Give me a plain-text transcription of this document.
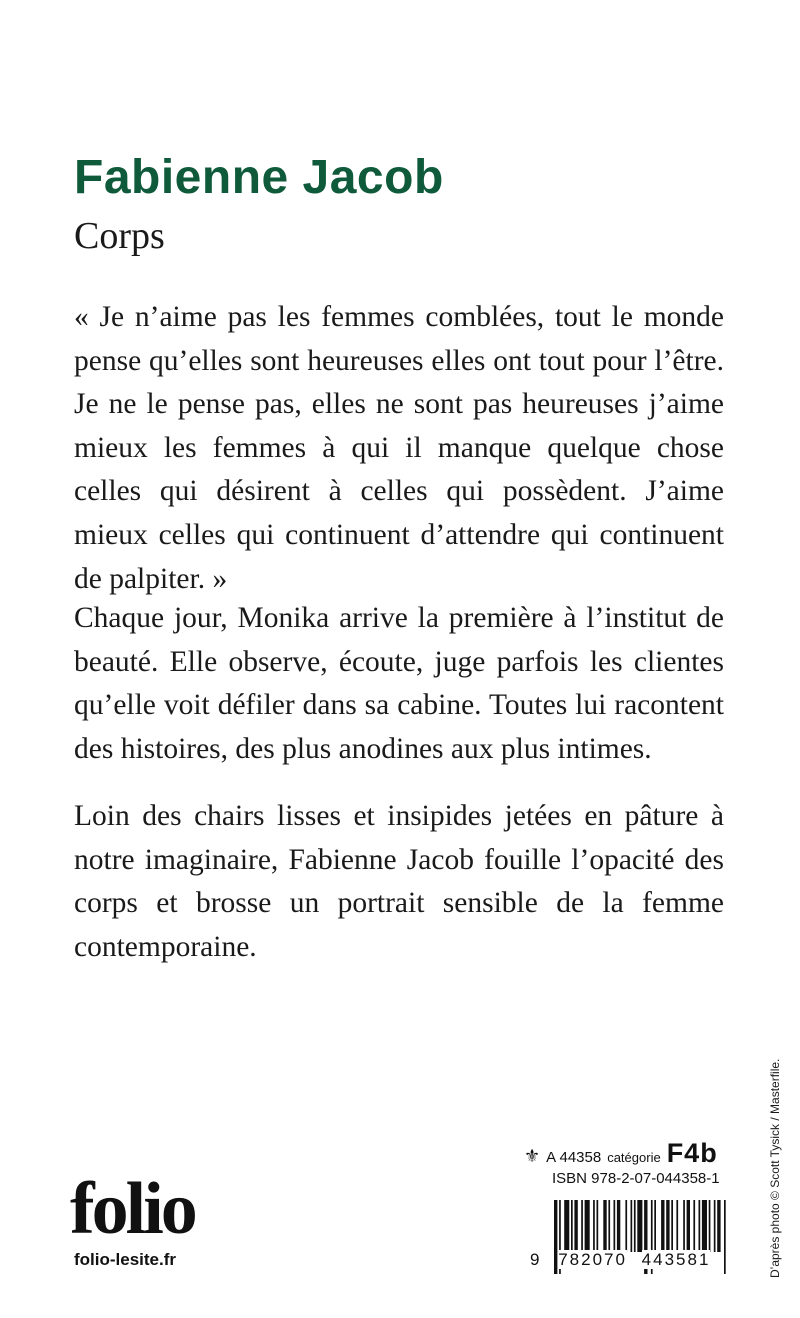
Fabienne Jacob
Corps

« Je n’aime pas les femmes comblées, tout le monde pense qu’elles sont heureuses elles ont tout pour l’être. Je ne le pense pas, elles ne sont pas heureuses j’aime mieux les femmes à qui il manque quelque chose celles qui désirent à celles qui possèdent. J’aime mieux celles qui continuent d’attendre qui continuent de palpiter. »

Chaque jour, Monika arrive la première à l’institut de beauté. Elle observe, écoute, juge parfois les clientes qu’elle voit défiler dans sa cabine. Toutes lui racontent des histoires, des plus anodines aux plus intimes.

Loin des chairs lisses et insipides jetées en pâture à notre imaginaire, Fabienne Jacob fouille l’opacité des corps et brosse un portrait sensible de la femme contemporaine.

D’après photo © Scott Tysick / Masterfile.
folio
folio-lesite.fr
⚜ A 44358 catégorie F4b
ISBN 978-2-07-044358-1
9 782070 443581
